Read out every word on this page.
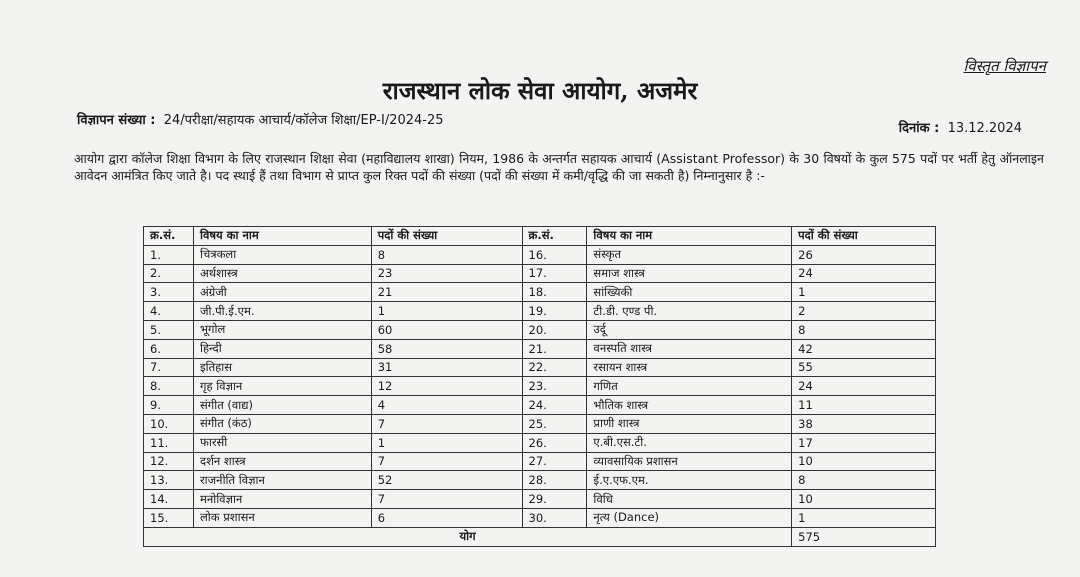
विस्तृत विज्ञापन
राजस्थान लोक सेवा आयोग, अजमेर
विज्ञापन संख्या : 24/परीक्षा/सहायक आचार्य/कॉलेज शिक्षा/EP-I/2024-25
दिनांक : 13.12.2024
आयोग द्वारा कॉलेज शिक्षा विभाग के लिए राजस्थान शिक्षा सेवा (महाविद्यालय शाखा) नियम, 1986 के अन्तर्गत सहायक आचार्य (Assistant Professor) के 30 विषयों के कुल 575 पदों पर भर्ती हेतु ऑनलाइन आवेदन आमंत्रित किए जाते है। पद स्थाई हैं तथा विभाग से प्राप्त कुल रिक्त पदों की संख्या (पदों की संख्या में कमी/वृद्धि की जा सकती है) निम्नानुसार है :-
क्र.सं.	विषय का नाम	पदों की संख्या	क्र.सं.	विषय का नाम	पदों की संख्या
1.	चित्रकला	8	16.	संस्कृत	26
2.	अर्थशास्त्र	23	17.	समाज शास्त्र	24
3.	अंग्रेजी	21	18.	सांख्यिकी	1
4.	जी.पी.ई.एम.	1	19.	टी.डी. एण्ड पी.	2
5.	भूगोल	60	20.	उर्दू	8
6.	हिन्दी	58	21.	वनस्पति शास्त्र	42
7.	इतिहास	31	22.	रसायन शास्त्र	55
8.	गृह विज्ञान	12	23.	गणित	24
9.	संगीत (वाद्य)	4	24.	भौतिक शास्त्र	11
10.	संगीत (कंठ)	7	25.	प्राणी शास्त्र	38
11.	फारसी	1	26.	ए.बी.एस.टी.	17
12.	दर्शन शास्त्र	7	27.	व्यावसायिक प्रशासन	10
13.	राजनीति विज्ञान	52	28.	ई.ए.एफ.एम.	8
14.	मनोविज्ञान	7	29.	विधि	10
15.	लोक प्रशासन	6	30.	नृत्य (Dance)	1
योग					575
